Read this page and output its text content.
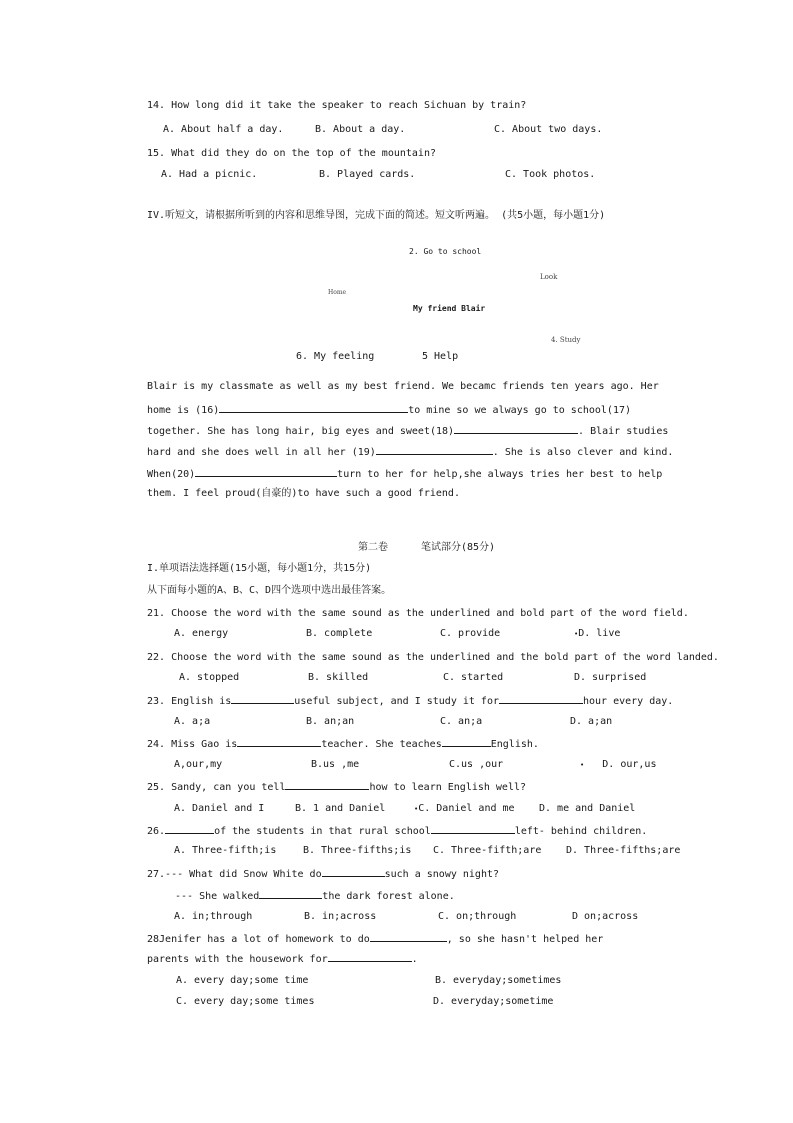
14. How long did it take the speaker to reach Sichuan by train?
A. About half a day.	B. About a day.	C. About two days.
15. What did they do on the top of the mountain?
A. Had a picnic.	B. Played cards.	C. Took photos.
IV.听短文，请根据所听到的内容和思维导图，完成下面的简述。短文听两遍。 (共5小题，每小题1分)
2. Go to school
Look
Home
My friend Blair
4. Study
6. My feeling	5 Help
Blair is my classmate as well as my best friend. We becamc friends ten years ago. Her
home is (16)	to mine so we always go to school(17)
together. She has long hair, big eyes and sweet(18)	. Blair studies
hard and she does well in all her (19)	. She is also clever and kind.
When(20)	turn to her for help,she always tries her best to help
them. I feel proud(自豪的)to have such a good friend.
第二卷	笔试部分(85分)
I.单项语法选择题(15小题，每小题1分，共15分)
从下面每小题的A、B、C、D四个选项中选出最佳答案。
21. Choose the word with the same sound as the underlined and bold part of the word field.
A. energy	B. complete	C. provide	•D. live
22. Choose the word with the same sound as the underlined and the bold part of the word landed.
A. stopped	B. skilled	C. started	D. surprised
23. English is	useful subject, and I study it for	hour every day.
A. a;a	B. an;an	C. an;a	D. a;an
24. Miss Gao is	teacher. She teaches	English.
A,our,my	B.us ,me	C.us ,our	• D. our,us
25. Sandy, can you tell	how to learn English well?
A. Daniel and I	B. 1 and Daniel	•C. Daniel and me D. me and Daniel
26.	of the students in that rural school	left- behind children.
A. Three-fifth;is	B. Three-fifths;is C. Three-fifth;are D. Three-fifths;are
27.--- What did Snow White do	such a snowy night?
--- She walked	the dark forest alone.
A. in;through	B. in;across	C. on;through	D on;across
28Jenifer has a lot of homework to do	, so she hasn't helped her
parents with the housework for	.
A. every day;some time	B. everyday;sometimes
C. every day;some times	D. everyday;sometime
